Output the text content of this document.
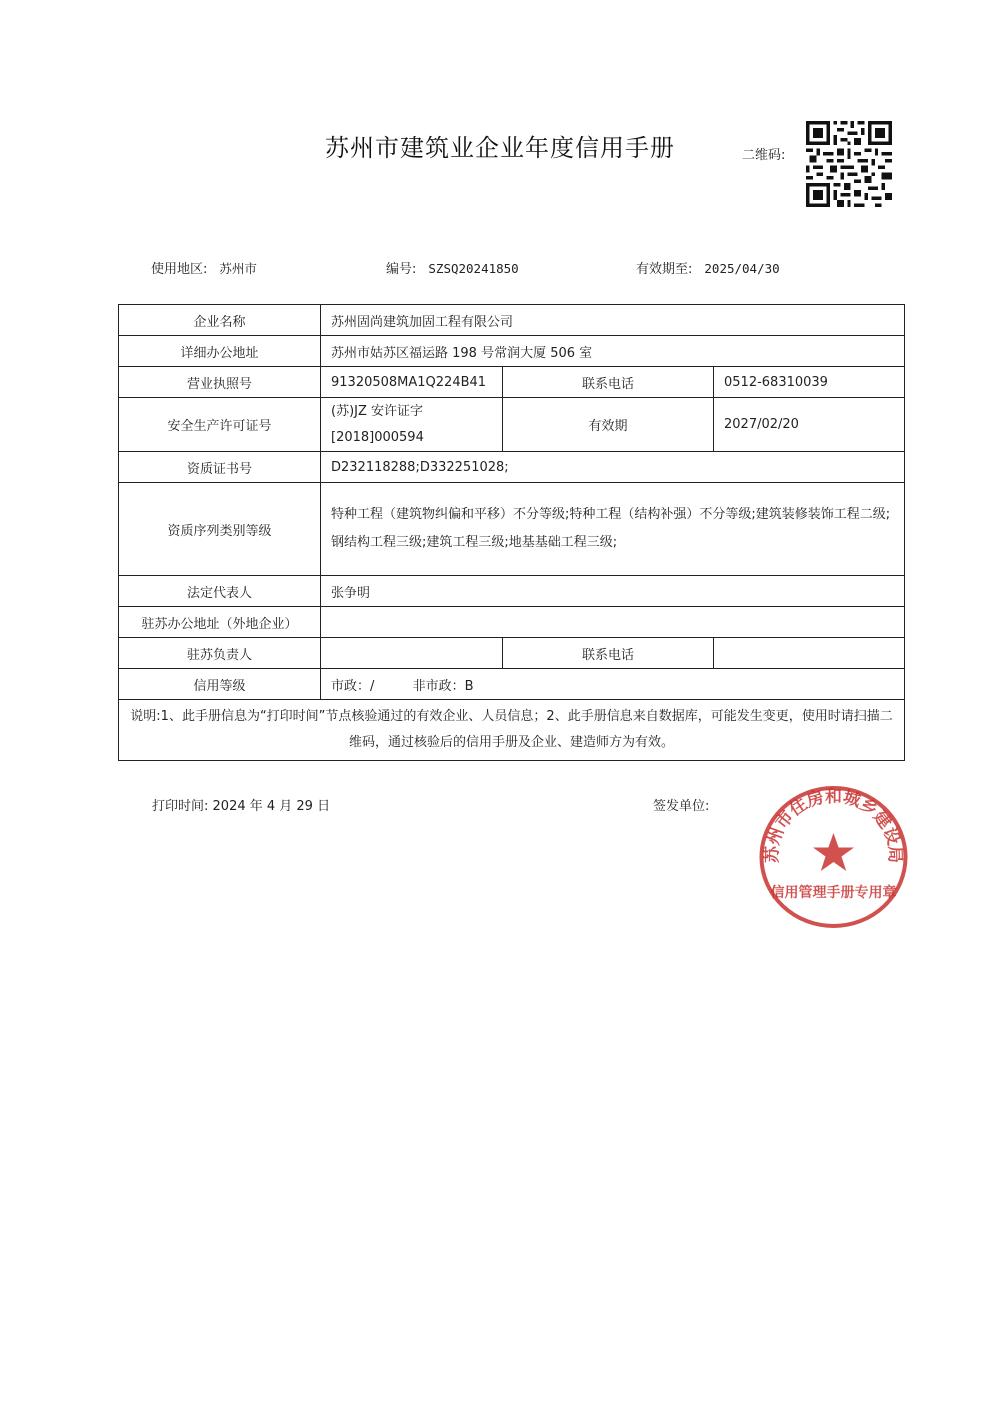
苏州市建筑业企业年度信用手册	二维码:
使用地区: 苏州市	编号: SZSQ20241850	有效期至: 2025/04/30
企业名称	苏州固尚建筑加固工程有限公司		
详细办公地址	苏州市姑苏区福运路 198 号常润大厦 506 室		
营业执照号	91320508MA1Q224B41	联系电话	0512-68310039
安全生产许可证号	(苏)JZ 安许证字
[2018]000594	有效期	2027/02/20
资质证书号	D232118288;D332251028;		
资质序列类别等级	特种工程（建筑物纠偏和平移）不分等级;特种工程（结构补强）不分等级;建筑装修装饰工程二级;钢结构工程三级;建筑工程三级;地基基础工程三级;		
法定代表人	张争明		
驻苏办公地址（外地企业）			
驻苏负责人		联系电话	
信用等级	市政：/ 非市政：B		
说明:1、此手册信息为“打印时间”节点核验通过的有效企业、人员信息；2、此手册信息来自数据库，可能发生变更，使用时请扫描二维码，通过核验后的信用手册及企业、建造师方为有效。			
打印时间: 2024 年 4 月 29 日	签发单位:
苏州市住房和城乡建设局
信用管理手册专用章
